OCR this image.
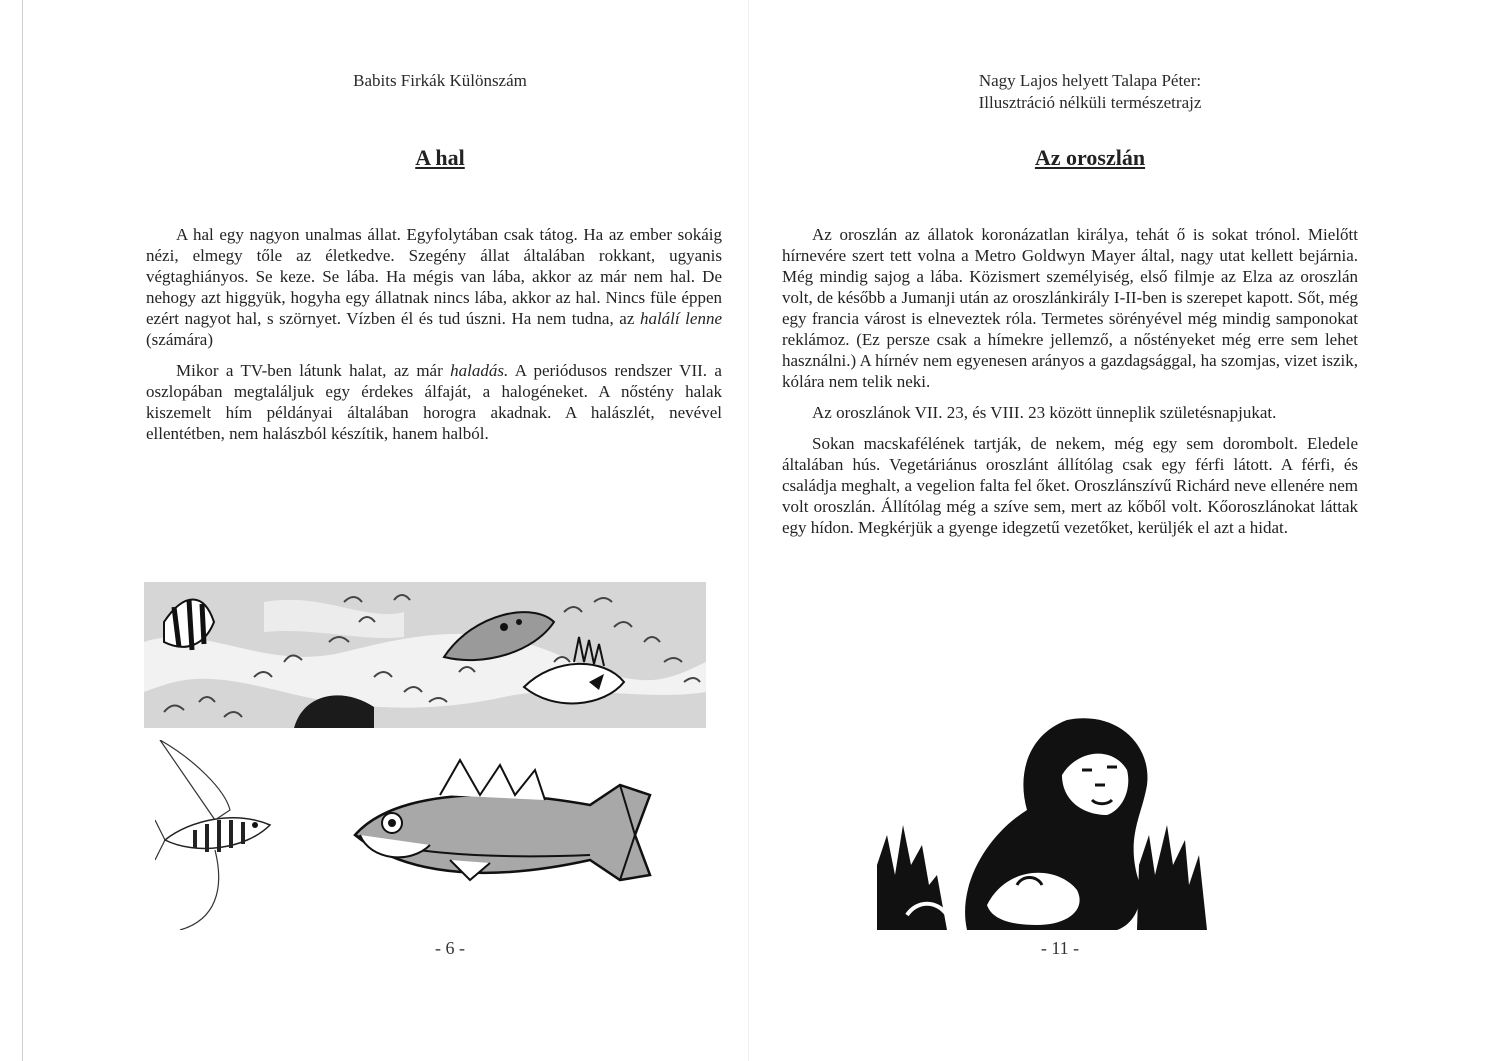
Babits Firkák Különszám
A hal

A hal egy nagyon unalmas állat. Egyfolytában csak tátog. Ha az ember sokáig nézi, elmegy tőle az életkedve. Szegény állat általában rokkant, ugyanis végtaghiányos. Se keze. Se lába. Ha mégis van lába, akkor az már nem hal. De nehogy azt higgyük, hogyha egy állatnak nincs lába, akkor az hal. Nincs füle éppen ezért nagyot hal, s szörnyet. Vízben él és tud úszni. Ha nem tudna, az halálí lenne (számára)

Mikor a TV-ben látunk halat, az már haladás. A periódusos rendszer VII. a oszlopában megtaláljuk egy érdekes álfaját, a halogéneket. A nőstény halak kiszemelt hím példányai általában horogra akadnak. A halászlét, nevével ellentétben, nem halászból készítik, hanem halból.

- 6 -
Nagy Lajos helyett Talapa Péter:
Illusztráció nélküli természetrajz
Az oroszlán

Az oroszlán az állatok koronázatlan királya, tehát ő is sokat trónol. Mielőtt hírnevére szert tett volna a Metro Goldwyn Mayer által, nagy utat kellett bejárnia. Még mindig sajog a lába. Közismert személyiség, első filmje az Elza az oroszlán volt, de később a Jumanji után az oroszlánkirály I-II-ben is szerepet kapott. Sőt, még egy francia várost is elneveztek róla. Termetes sörényével még mindig samponokat reklámoz. (Ez persze csak a hímekre jellemző, a nőstényeket még erre sem lehet használni.) A hírnév nem egyenesen arányos a gazdagsággal, ha szomjas, vizet iszik, kólára nem telik neki.

Az oroszlánok VII. 23, és VIII. 23 között ünneplik születésnapjukat.

Sokan macskafélének tartják, de nekem, még egy sem dorombolt. Eledele általában hús. Vegetáriánus oroszlánt állítólag csak egy férfi látott. A férfi, és családja meghalt, a vegelion falta fel őket. Oroszlánszívű Richárd neve ellenére nem volt oroszlán. Állítólag még a szíve sem, mert az kőből volt. Kőoroszlánokat láttak egy hídon. Megkérjük a gyenge idegzetű vezetőket, kerüljék el azt a hidat.

- 11 -
